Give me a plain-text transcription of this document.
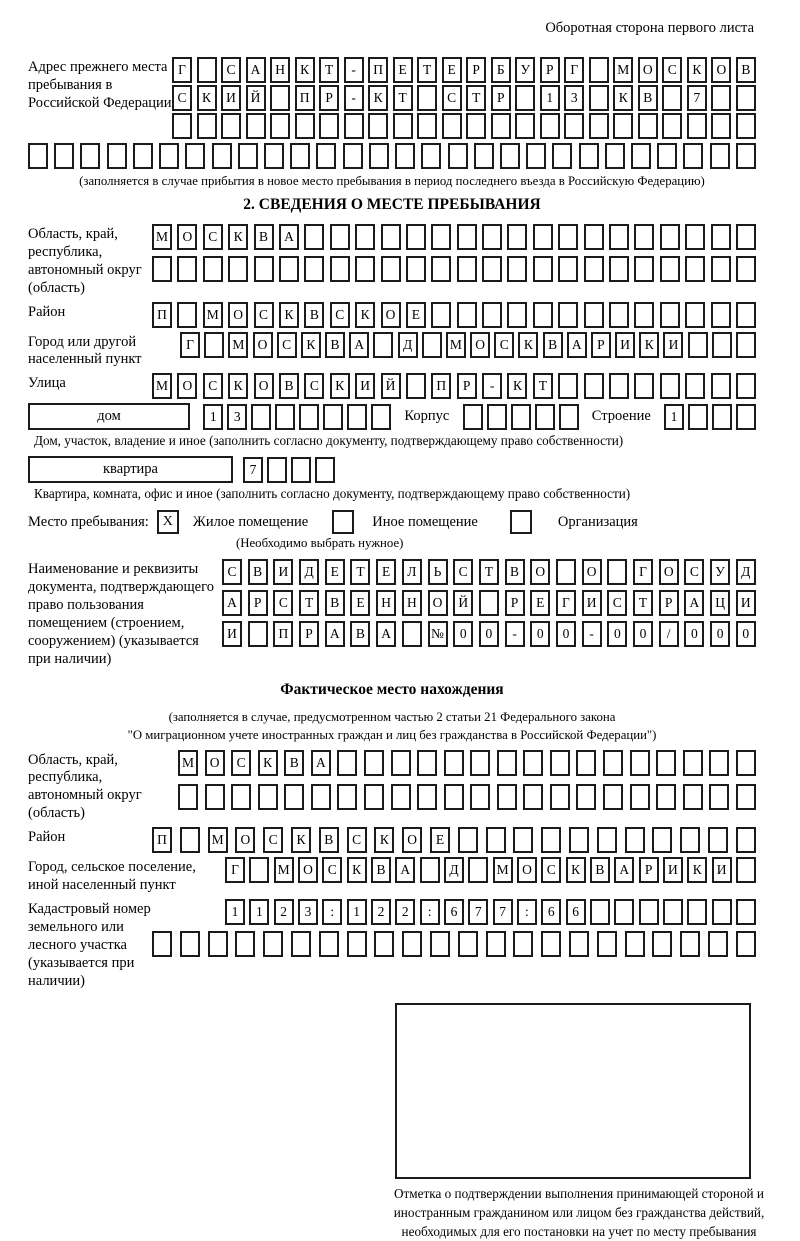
Оборотная сторона первого листа
Адрес прежнего места пребывания в Российской Федерации
Г	С	А	Н	К	Т	-	П	Е	Т	Е	Р	Б	У	Р	Г	М	О	С	К	О	В
С	К	И	Й	П	Р	-	К	Т	С	Т	Р	1	3	К	В	7
(заполняется в случае прибытия в новое место пребывания в период последнего въезда в Российскую Федерацию)
2. СВЕДЕНИЯ О МЕСТЕ ПРЕБЫВАНИЯ
Область, край, республика, автономный округ (область)
М	О	С	К	В	А
Район	П	М	О	С	К	В	С	К	О	Е
Город или другой населенный пункт
Г	М О	С	К	В	А	Д	М О	С	К	В	А	Р	И	К	И
Улица	М	О	С	К	О	В	С	К	И	Й	П	Р	-	К	Т
дом	1	3	Корпус	Строение	1
Дом, участок, владение и иное (заполнить согласно документу, подтверждающему право собственности)
квартира	7
Квартира, комната, офис и иное (заполнить согласно документу, подтверждающему право собственности)
Место пребывания: X	Жилое помещение	Иное помещение	Организация
(Необходимо выбрать нужное)
Наименование и реквизиты документа, подтверждающего право пользования помещением (строением, сооружением) (указывается при наличии)
С	В	И	Д	Е	Т	Е	Л	Ь	С	Т	В	О	О	Г	О	С	У	Д
А	Р	С	Т	В	Е	Н	Н	О	Й	Р	Е	Г	И	С	Т	Р	А	Ц	И
И	П	Р	А	В	А	№	0	0	-	0	0	-	0	0	/	0	0	0
Фактическое место нахождения
(заполняется в случае, предусмотренном частью 2 статьи 21 Федерального закона
"О миграционном учете иностранных граждан и лиц без гражданства в Российской Федерации")
Область, край, республика, автономный округ (область)
М	О	С	К	В	А
Район	П	М	О	С	К	В	С	К	О	Е
Город, сельское поселение, иной населенный пункт
Г	М О	С	К	В	А	Д	М О	С	К	В	А	Р	И	К	И
Кадастровый номер земельного или лесного участка (указывается при наличии)
1	1	2	3	:	1	2	2	:	6	7	7	:	6	6
Отметка о подтверждении выполнения принимающей стороной и иностранным гражданином или лицом без гражданства действий, необходимых для его постановки на учет по месту пребывания
